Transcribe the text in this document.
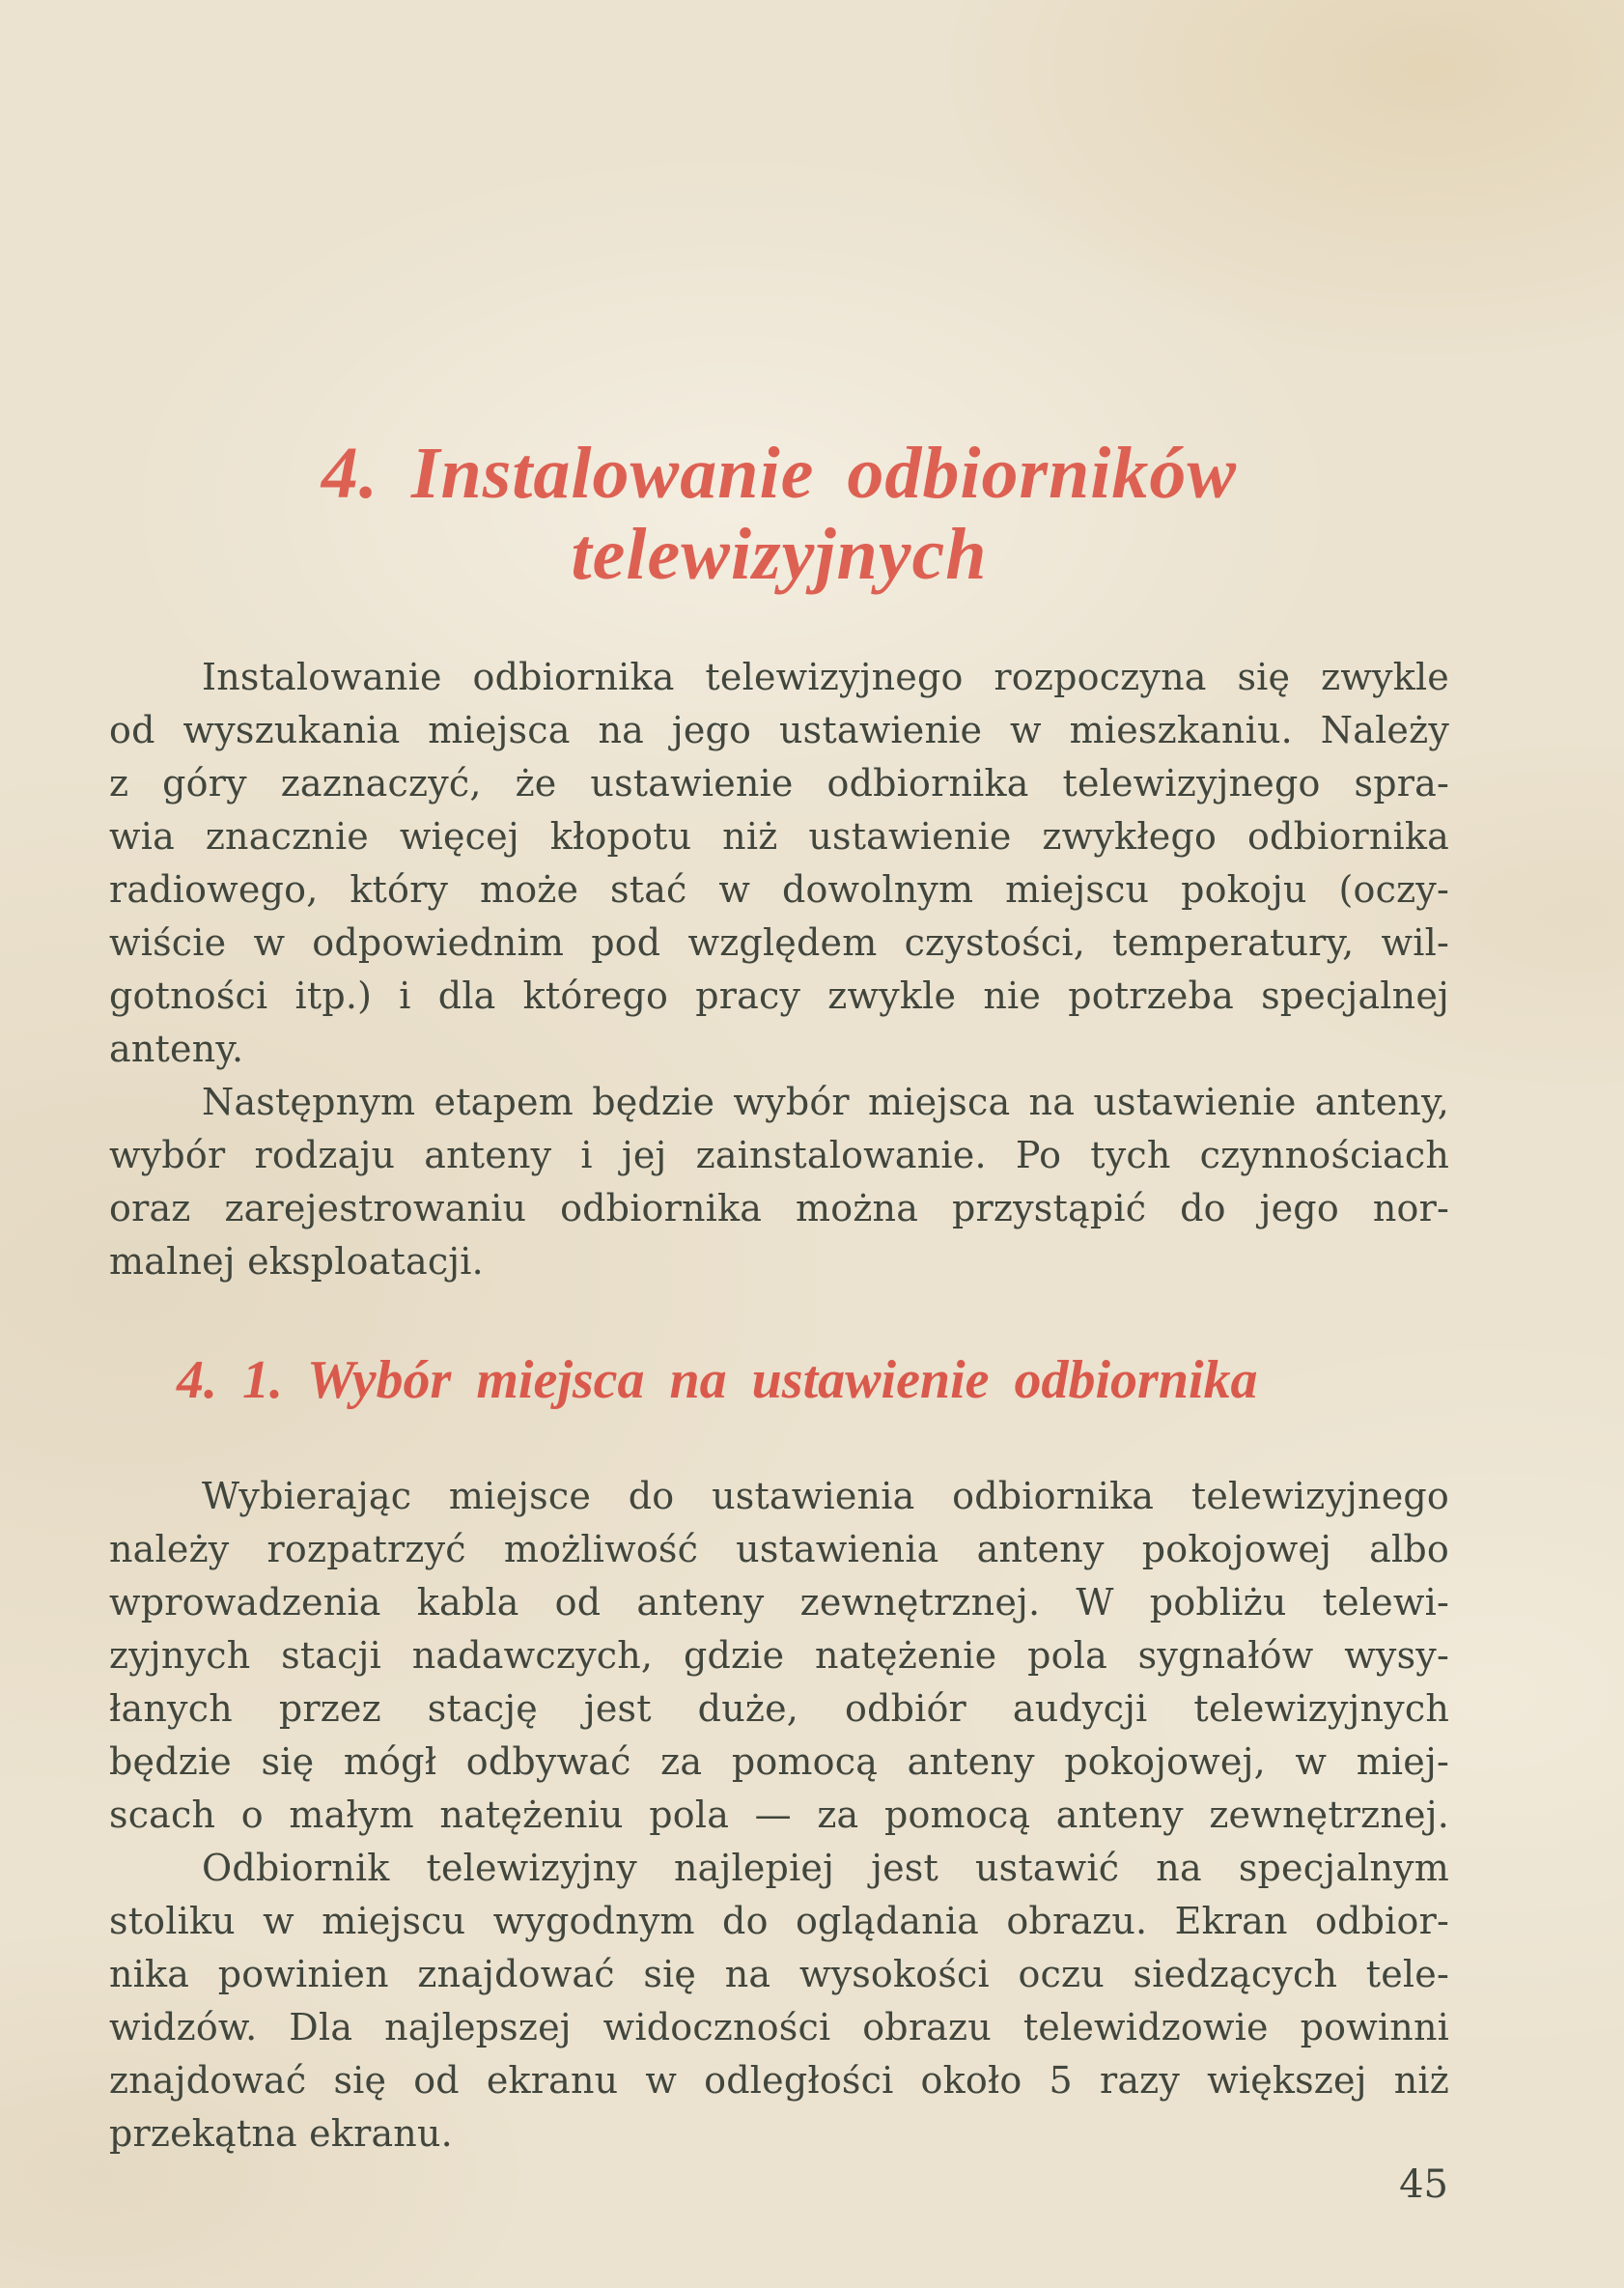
4. Instalowanie odbiorników
telewizyjnych
Instalowanie odbiornika telewizyjnego rozpoczyna się zwykle
od wyszukania miejsca na jego ustawienie w mieszkaniu. Należy
z góry zaznaczyć, że ustawienie odbiornika telewizyjnego spra-
wia znacznie więcej kłopotu niż ustawienie zwykłego odbiornika
radiowego, który może stać w dowolnym miejscu pokoju (oczy-
wiście w odpowiednim pod względem czystości, temperatury, wil-
gotności itp.) i dla którego pracy zwykle nie potrzeba specjalnej
anteny.
Następnym etapem będzie wybór miejsca na ustawienie anteny,
wybór rodzaju anteny i jej zainstalowanie. Po tych czynnościach
oraz zarejestrowaniu odbiornika można przystąpić do jego nor-
malnej eksploatacji.
4. 1. Wybór miejsca na ustawienie odbiornika
Wybierając miejsce do ustawienia odbiornika telewizyjnego
należy rozpatrzyć możliwość ustawienia anteny pokojowej albo
wprowadzenia kabla od anteny zewnętrznej. W pobliżu telewi-
zyjnych stacji nadawczych, gdzie natężenie pola sygnałów wysy-
łanych przez stację jest duże, odbiór audycji telewizyjnych
będzie się mógł odbywać za pomocą anteny pokojowej, w miej-
scach o małym natężeniu pola — za pomocą anteny zewnętrznej.
Odbiornik telewizyjny najlepiej jest ustawić na specjalnym
stoliku w miejscu wygodnym do oglądania obrazu. Ekran odbior-
nika powinien znajdować się na wysokości oczu siedzących tele-
widzów. Dla najlepszej widoczności obrazu telewidzowie powinni
znajdować się od ekranu w odległości około 5 razy większej niż
przekątna ekranu.
45
